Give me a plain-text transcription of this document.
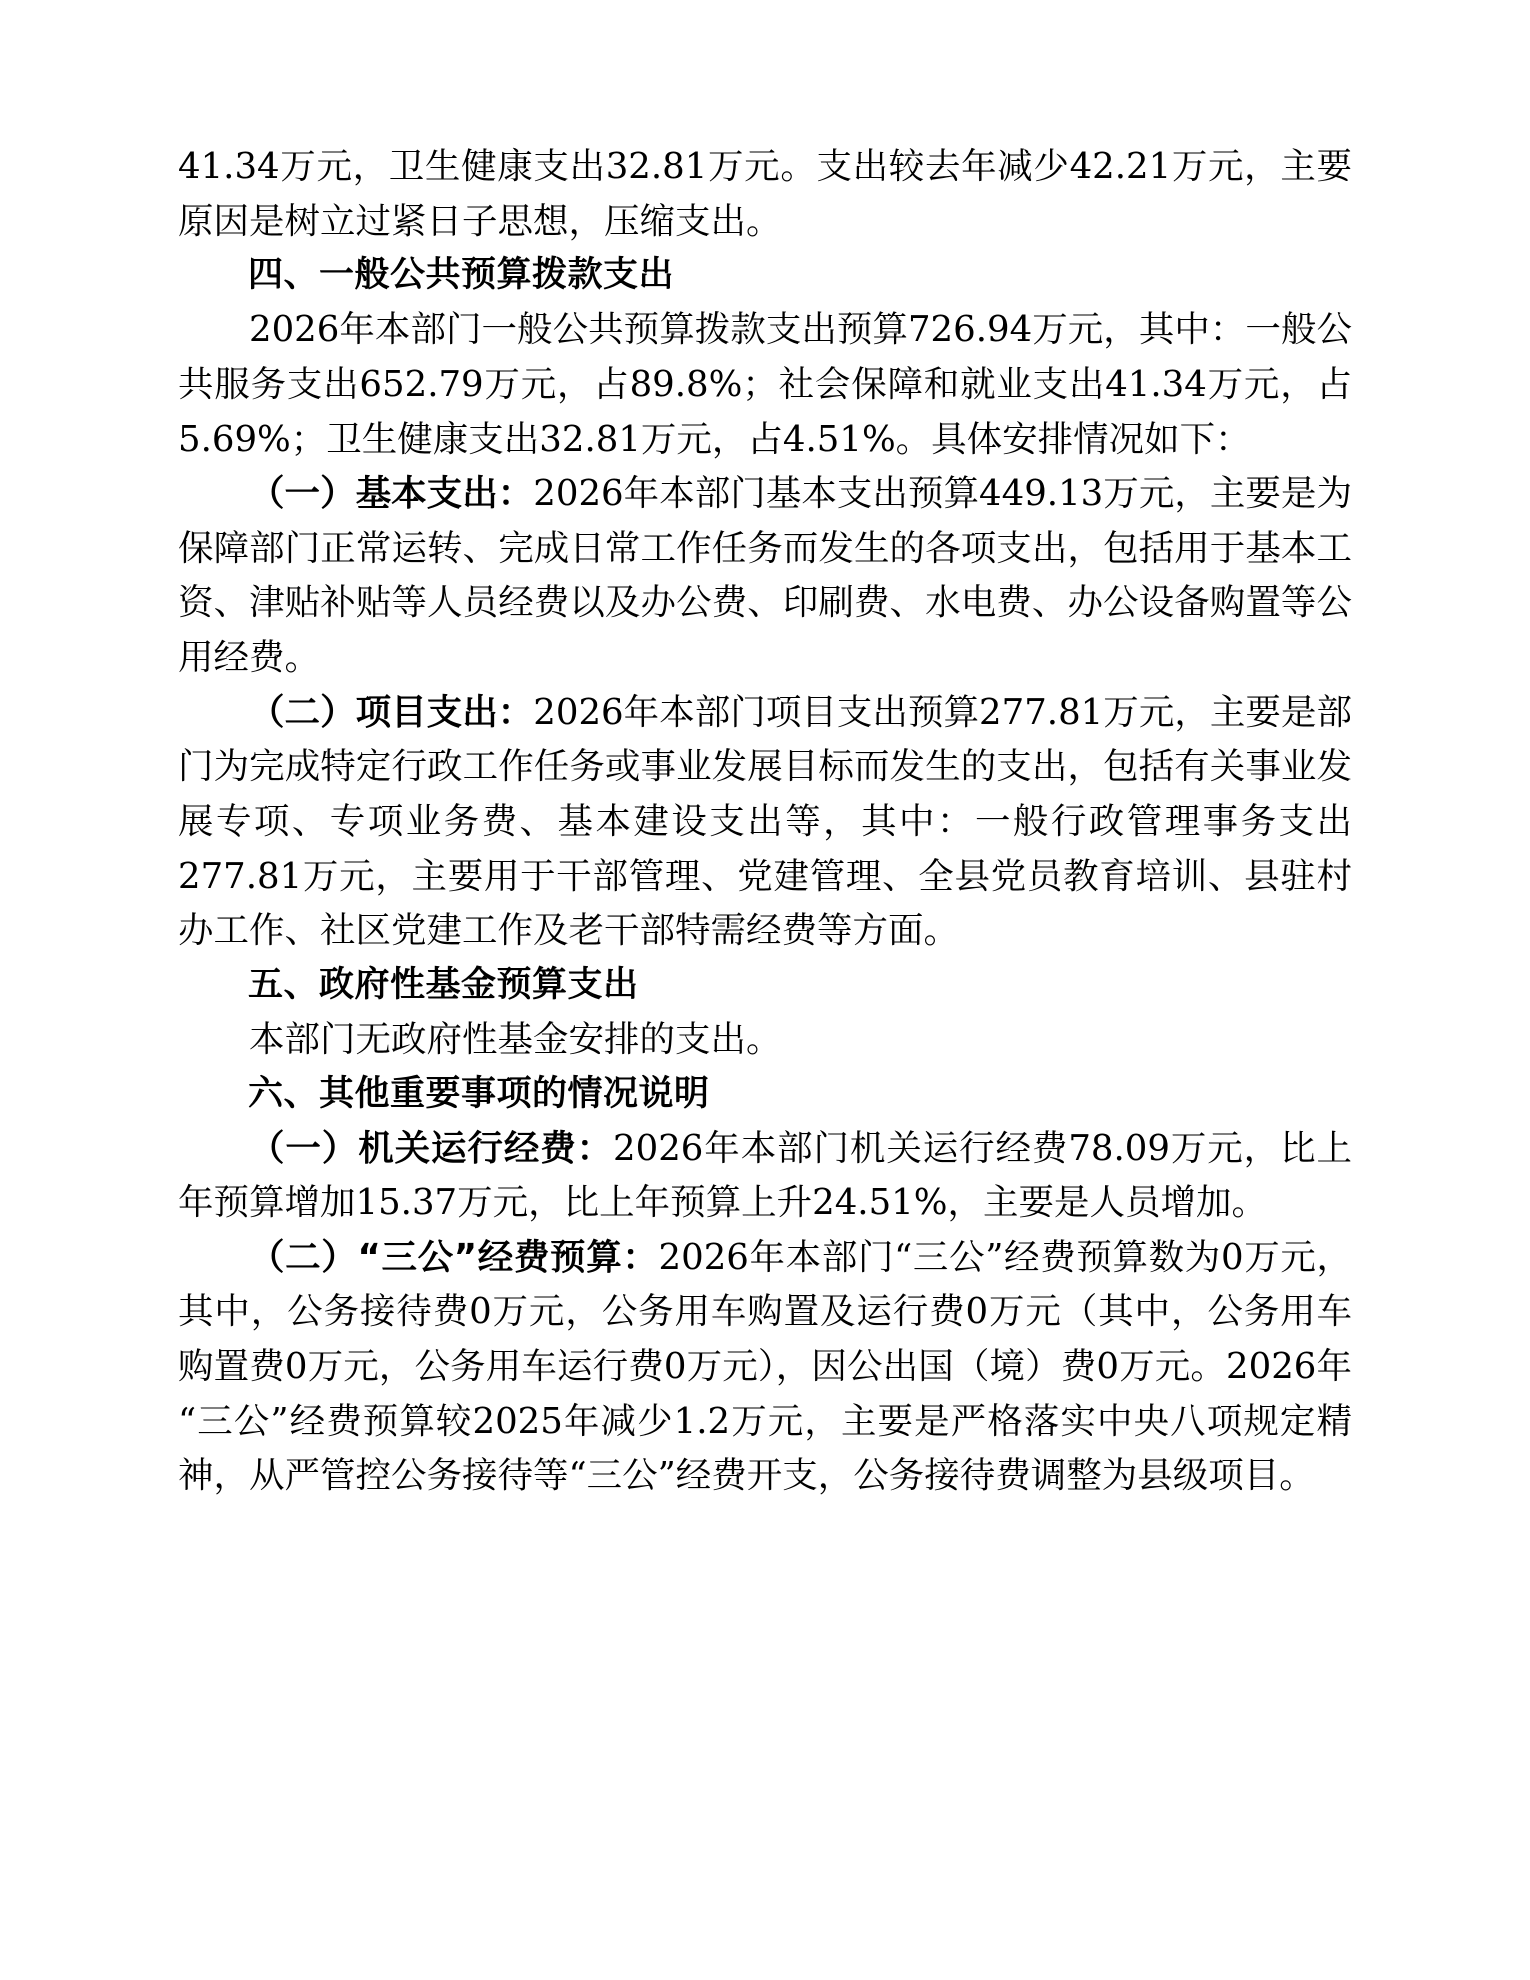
41.34万元，卫生健康支出32.81万元。支出较去年减少42.21万元，主要原因是树立过紧日子思想，压缩支出。

四、一般公共预算拨款支出

2026年本部门一般公共预算拨款支出预算726.94万元，其中：一般公共服务支出652.79万元，占89.8%；社会保障和就业支出41.34万元，占5.69%；卫生健康支出32.81万元，占4.51%。具体安排情况如下：

（一）基本支出：2026年本部门基本支出预算449.13万元，主要是为保障部门正常运转、完成日常工作任务而发生的各项支出，包括用于基本工资、津贴补贴等人员经费以及办公费、印刷费、水电费、办公设备购置等公用经费。

（二）项目支出：2026年本部门项目支出预算277.81万元，主要是部门为完成特定行政工作任务或事业发展目标而发生的支出，包括有关事业发展专项、专项业务费、基本建设支出等，其中：一般行政管理事务支出277.81万元，主要用于干部管理、党建管理、全县党员教育培训、县驻村办工作、社区党建工作及老干部特需经费等方面。

五、政府性基金预算支出

本部门无政府性基金安排的支出。

六、其他重要事项的情况说明

（一）机关运行经费：2026年本部门机关运行经费78.09万元，比上年预算增加15.37万元，比上年预算上升24.51%，主要是人员增加。

（二）“三公”经费预算：2026年本部门“三公”经费预算数为0万元，其中，公务接待费0万元，公务用车购置及运行费0万元（其中，公务用车购置费0万元，公务用车运行费0万元），因公出国（境）费0万元。2026年“三公”经费预算较2025年减少1.2万元，主要是严格落实中央八项规定精神，从严管控公务接待等“三公”经费开支，公务接待费调整为县级项目。
